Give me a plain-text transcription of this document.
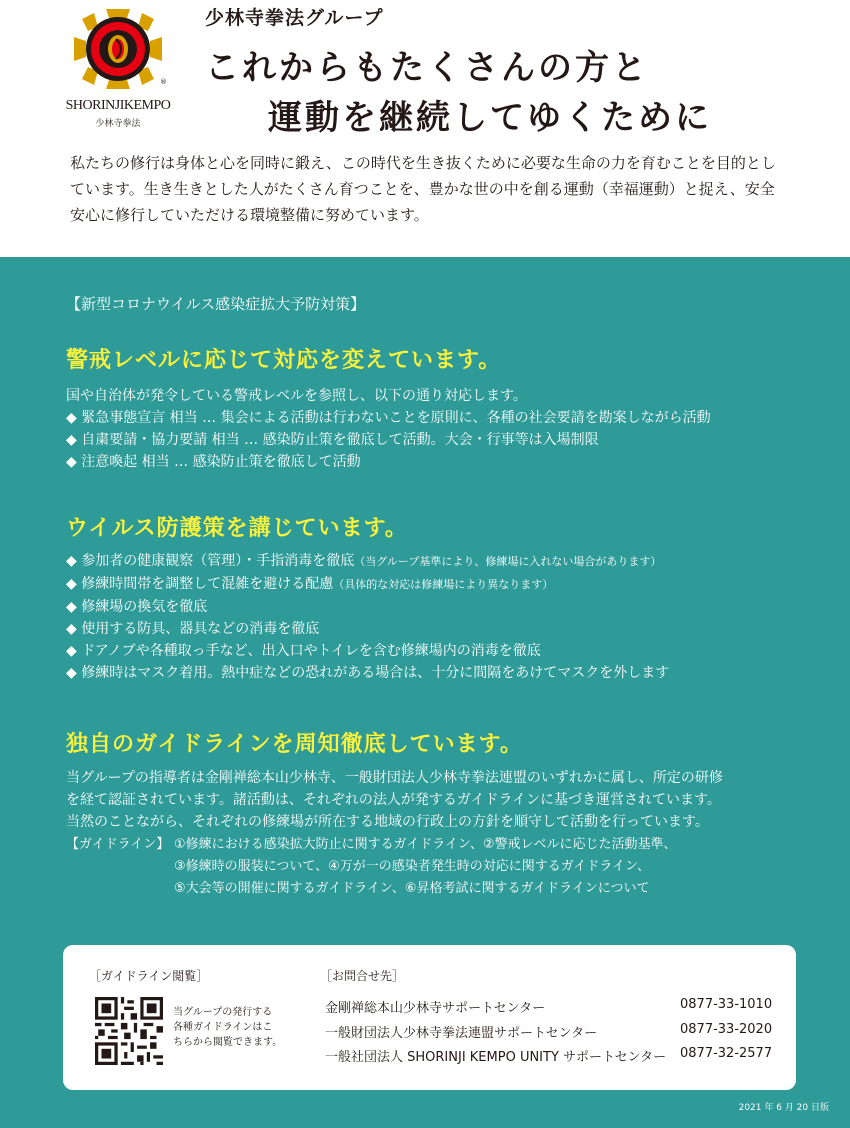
®
SHORINJIKEMPO
少林寺拳法
少林寺拳法グループ
これからもたくさんの方と
運動を継続してゆくために
私たちの修行は身体と心を同時に鍛え、この時代を生き抜くために必要な生命の力を育むことを目的とし
ています。生き生きとした人がたくさん育つことを、豊かな世の中を創る運動（幸福運動）と捉え、安全
安心に修行していただける環境整備に努めています。
【新型コロナウイルス感染症拡大予防対策】
警戒レベルに応じて対応を変えています。
国や自治体が発令している警戒レベルを参照し、以下の通り対応します。
◆ 緊急事態宣言 相当 … 集会による活動は行わないことを原則に、各種の社会要請を勘案しながら活動
◆ 自粛要請・協力要請 相当 … 感染防止策を徹底して活動。大会・行事等は入場制限
◆ 注意喚起 相当 … 感染防止策を徹底して活動
ウイルス防護策を講じています。
◆ 参加者の健康観察（管理）・手指消毒を徹底（当グループ基準により、修練場に入れない場合があります）
◆ 修練時間帯を調整して混雑を避ける配慮（具体的な対応は修練場により異なります）
◆ 修練場の換気を徹底
◆ 使用する防具、器具などの消毒を徹底
◆ ドアノブや各種取っ手など、出入口やトイレを含む修練場内の消毒を徹底
◆ 修練時はマスク着用。熱中症などの恐れがある場合は、十分に間隔をあけてマスクを外します
独自のガイドラインを周知徹底しています。
当グループの指導者は金剛禅総本山少林寺、一般財団法人少林寺拳法連盟のいずれかに属し、所定の研修
を経て認証されています。諸活動は、それぞれの法人が発するガイドラインに基づき運営されています。
当然のことながら、それぞれの修練場が所在する地域の行政上の方針を順守して活動を行っています。
【ガイドライン】 ①修練における感染拡大防止に関するガイドライン、②警戒レベルに応じた活動基準、
③修練時の服装について、④万が一の感染者発生時の対応に関するガイドライン、
⑤大会等の開催に関するガイドライン、⑥昇格考試に関するガイドラインについて
［ガイドライン閲覧］
当グループの発行する
各種ガイドラインはこ
ちらから閲覧できます。
［お問合せ先］
金剛禅総本山少林寺サポートセンター	0877-33-1010
一般財団法人少林寺拳法連盟サポートセンター	0877-33-2020
一般社団法人 SHORINJI KEMPO UNITY サポートセンター 0877-32-2577
2021 年 6 月 20 日版
